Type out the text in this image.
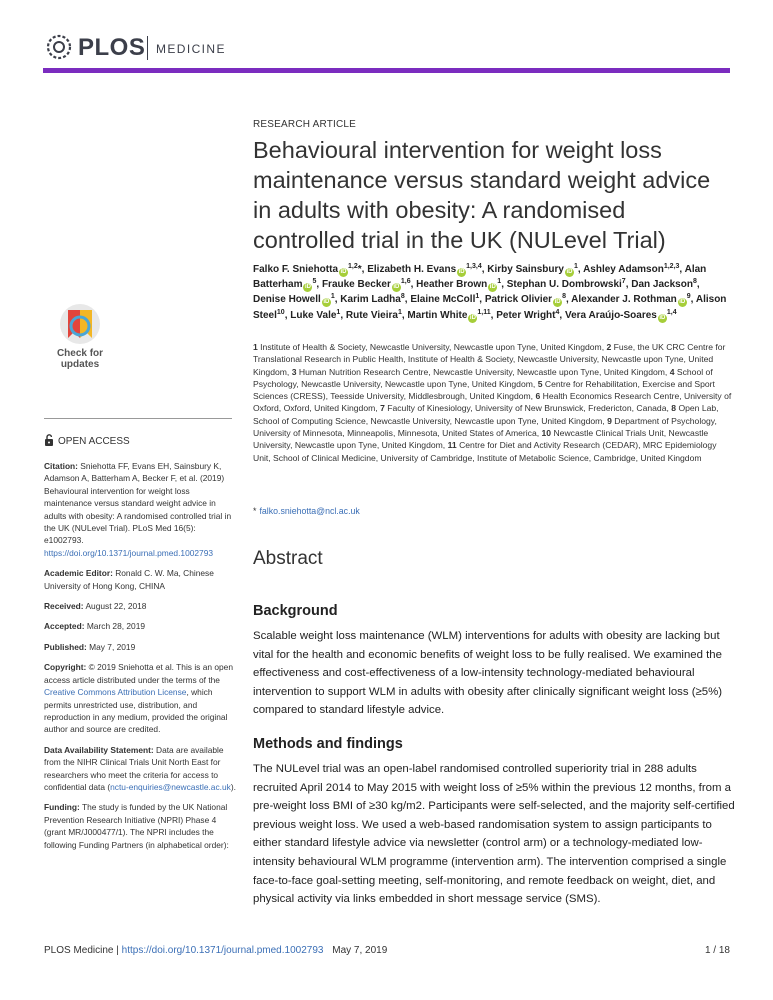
PLOS MEDICINE
Check for updates
OPEN ACCESS

Citation: Sniehotta FF, Evans EH, Sainsbury K, Adamson A, Batterham A, Becker F, et al. (2019) Behavioural intervention for weight loss maintenance versus standard weight advice in adults with obesity: A randomised controlled trial in the UK (NULevel Trial). PLoS Med 16(5): e1002793. https://doi.org/10.1371/journal.pmed.1002793

Academic Editor: Ronald C. W. Ma, Chinese University of Hong Kong, CHINA

Received: August 22, 2018

Accepted: March 28, 2019

Published: May 7, 2019

Copyright: © 2019 Sniehotta et al. This is an open access article distributed under the terms of the Creative Commons Attribution License, which permits unrestricted use, distribution, and reproduction in any medium, provided the original author and source are credited.

Data Availability Statement: Data are available from the NIHR Clinical Trials Unit North East for researchers who meet the criteria for access to confidential data (nctu-enquiries@newcastle.ac.uk).

Funding: The study is funded by the UK National Prevention Research Initiative (NPRI) Phase 4 (grant MR/J000477/1). The NPRI includes the following Funding Partners (in alphabetical order):

RESEARCH ARTICLE
Behavioural intervention for weight loss maintenance versus standard weight advice in adults with obesity: A randomised controlled trial in the UK (NULevel Trial)
Falko F. Sniehotta iD$^{1,2}$*, Elizabeth H. Evans iD$^{1,3,4}$, Kirby Sainsbury $iD^1$, Ashley Adamson$^{1,2,3}$, Alan Batterham $iD^5$, Frauke Becker iD$^{1,6}$, Heather Brown $iD^1$, Stephan U. Dombrowski$^7$, Dan Jackson$^8$, Denise Howell $iD^1$, Karim Ladha$^8$, Elaine McColl$^1$, Patrick Olivier $iD^8$, Alexander J. Rothman $iD^9$, Alison Steel$^{10}$, Luke Vale$^1$, Rute Vieira$^1$, Martin White iD$^{1,11}$, Peter Wright$^4$, Vera Araújo-Soares iD$^{1,4}$
1 Institute of Health & Society, Newcastle University, Newcastle upon Tyne, United Kingdom, 2 Fuse, the UK CRC Centre for Translational Research in Public Health, Institute of Health & Society, Newcastle University, Newcastle upon Tyne, United Kingdom, 3 Human Nutrition Research Centre, Newcastle University, Newcastle upon Tyne, United Kingdom, 4 School of Psychology, Newcastle University, Newcastle upon Tyne, United Kingdom, 5 Centre for Rehabilitation, Exercise and Sport Sciences (CRESS), Teesside University, Middlesbrough, United Kingdom, 6 Health Economics Research Centre, University of Oxford, Oxford, United Kingdom, 7 Faculty of Kinesiology, University of New Brunswick, Fredericton, Canada, 8 Open Lab, School of Computing Science, Newcastle University, Newcastle upon Tyne, United Kingdom, 9 Department of Psychology, University of Minnesota, Minneapolis, Minnesota, United States of America, 10 Newcastle Clinical Trials Unit, Newcastle University, Newcastle upon Tyne, United Kingdom, 11 Centre for Diet and Activity Research (CEDAR), MRC Epidemiology Unit, School of Clinical Medicine, University of Cambridge, Institute of Metabolic Science, Cambridge, United Kingdom
* falko.sniehotta@ncl.ac.uk
Abstract
Background
Scalable weight loss maintenance (WLM) interventions for adults with obesity are lacking but vital for the health and economic benefits of weight loss to be fully realised. We examined the effectiveness and cost-effectiveness of a low-intensity technology-mediated behavioural intervention to support WLM in adults with obesity after clinically significant weight loss (≥5%) compared to standard lifestyle advice.
Methods and findings
The NULevel trial was an open-label randomised controlled superiority trial in 288 adults recruited April 2014 to May 2015 with weight loss of ≥5% within the previous 12 months, from a pre-weight loss BMI of ≥30 kg/m2. Participants were self-selected, and the majority self-certified previous weight loss. We used a web-based randomisation system to assign participants to either standard lifestyle advice via newsletter (control arm) or a technology-mediated low-intensity behavioural WLM programme (intervention arm). The intervention comprised a single face-to-face goal-setting meeting, self-monitoring, and remote feedback on weight, diet, and physical activity via links embedded in short message service (SMS).
PLOS Medicine | https://doi.org/10.1371/journal.pmed.1002793 May 7, 2019	1 / 18
